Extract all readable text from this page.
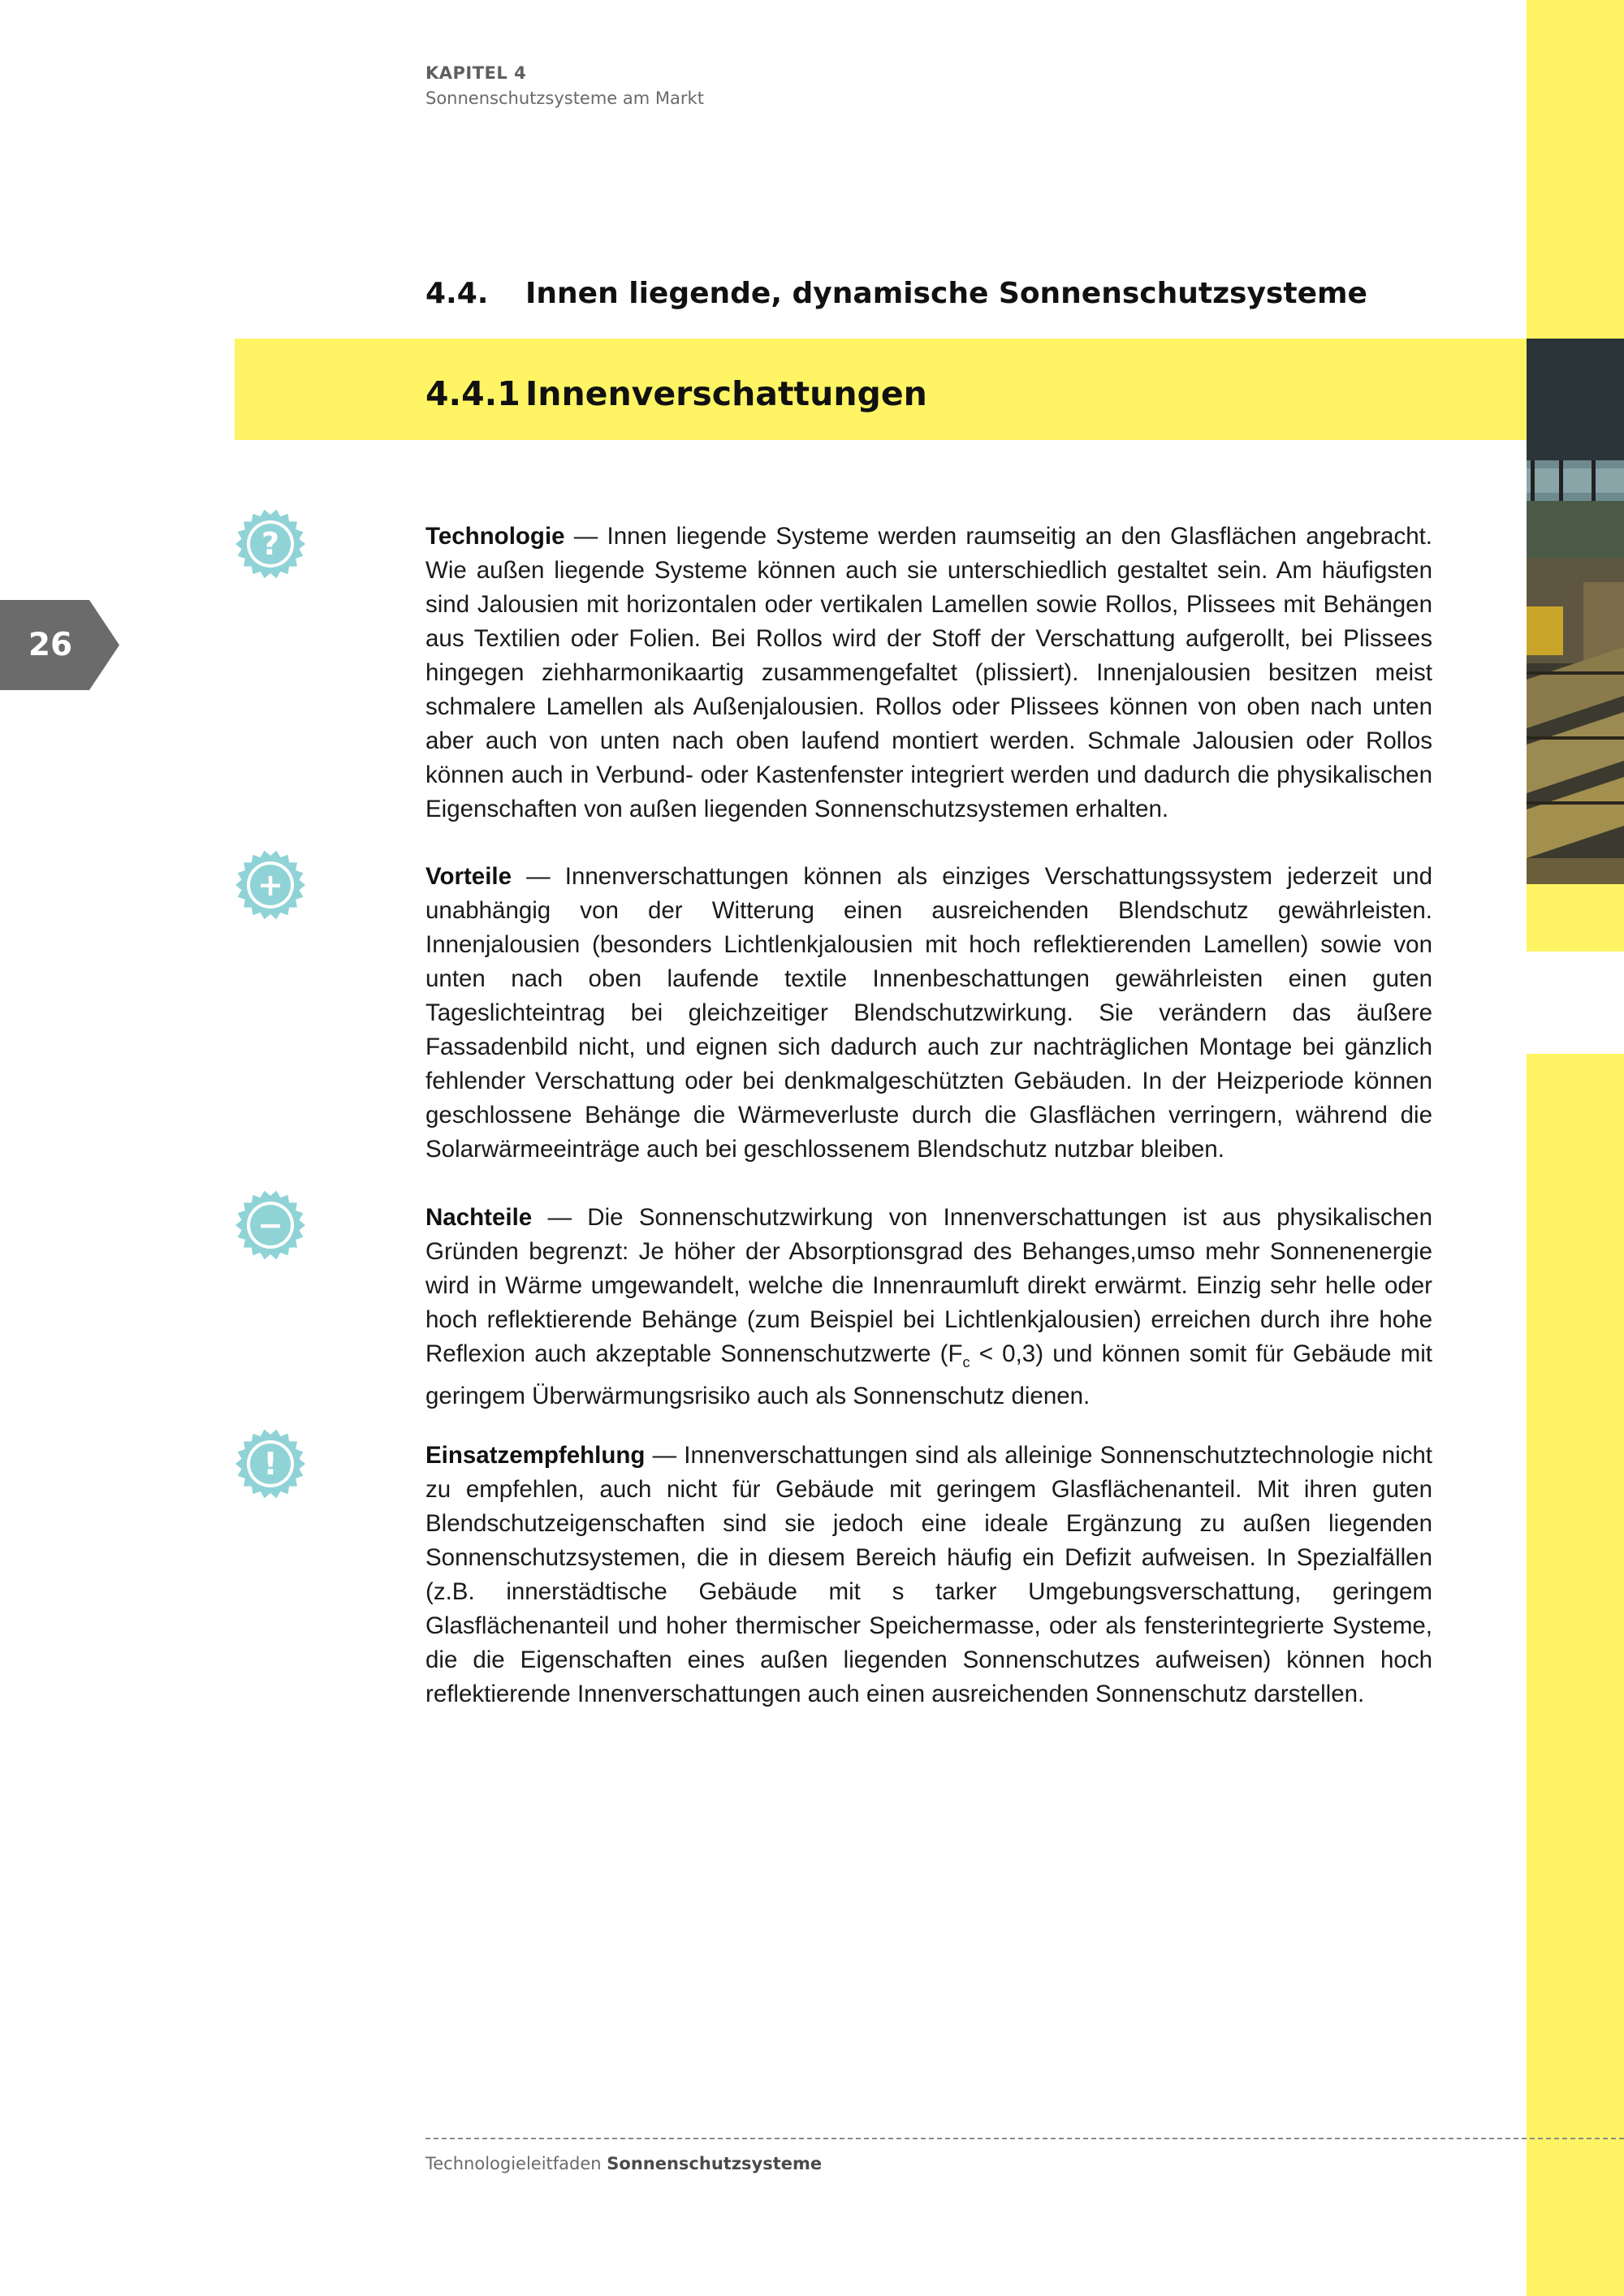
KAPITEL 4
Sonnenschutzsysteme am Markt
4.4. Innen liegende, dynamische Sonnenschutzsysteme
4.4.1 Innenverschattungen
26
?
+
−
!
Technologie — Innen liegende Systeme werden raumseitig an den Glasflächen angebracht. Wie außen liegende Systeme können auch sie unterschiedlich gestaltet sein. Am häufigsten sind Jalousien mit horizontalen oder vertikalen Lamellen sowie Rollos, Plissees mit Behängen aus Textilien oder Folien. Bei Rollos wird der Stoff der Verschattung aufgerollt, bei Plissees hingegen ziehharmonikaartig zusammengefaltet (plissiert). Innenjalousien besitzen meist schmalere Lamellen als Außenjalousien. Rollos oder Plissees können von oben nach unten aber auch von unten nach oben laufend montiert werden. Schmale Jalousien oder Rollos können auch in Verbund- oder Kastenfenster integriert werden und dadurch die physikalischen Eigenschaften von außen liegenden Sonnenschutzsystemen erhalten.
Vorteile — Innenverschattungen können als einziges Verschattungssystem jederzeit und unabhängig von der Witterung einen ausreichenden Blendschutz gewährleisten. Innenjalousien (besonders Lichtlenkjalousien mit hoch reflektierenden Lamellen) sowie von unten nach oben laufende textile Innenbeschattungen gewährleisten einen guten Tageslichteintrag bei gleichzeitiger Blendschutzwirkung. Sie verändern das äußere Fassadenbild nicht, und eignen sich dadurch auch zur nachträglichen Montage bei gänzlich fehlender Verschattung oder bei denkmalgeschützten Gebäuden. In der Heizperiode können geschlossene Behänge die Wärmeverluste durch die Glasflächen verringern, während die Solarwärmeeinträge auch bei geschlossenem Blendschutz nutzbar bleiben.
Nachteile — Die Sonnenschutzwirkung von Innenverschattungen ist aus physikalischen Gründen begrenzt: Je höher der Absorptionsgrad des Behanges,umso mehr Sonnenenergie wird in Wärme umgewandelt, welche die Innenraumluft direkt erwärmt. Einzig sehr helle oder hoch reflektierende Behänge (zum Beispiel bei Lichtlenkjalousien) erreichen durch ihre hohe Reflexion auch akzeptable Sonnenschutzwerte $(F_c < 0,3)$ und können somit für Gebäude mit geringem Überwärmungsrisiko auch als Sonnenschutz dienen.
Einsatzempfehlung — Innenverschattungen sind als alleinige Sonnenschutztechnologie nicht zu empfehlen, auch nicht für Gebäude mit geringem Glasflächenanteil. Mit ihren guten Blendschutzeigenschaften sind sie jedoch eine ideale Ergänzung zu außen liegenden Sonnenschutzsystemen, die in diesem Bereich häufig ein Defizit aufweisen. In Spezialfällen (z.B. innerstädtische Gebäude mit s tarker Umgebungsverschattung, geringem Glasflächenanteil und hoher thermischer Speichermasse, oder als fensterintegrierte Systeme, die die Eigenschaften eines außen liegenden Sonnenschutzes aufweisen) können hoch reflektierende Innenverschattungen auch einen ausreichenden Sonnenschutz darstellen.
Technologieleitfaden Sonnenschutzsysteme
